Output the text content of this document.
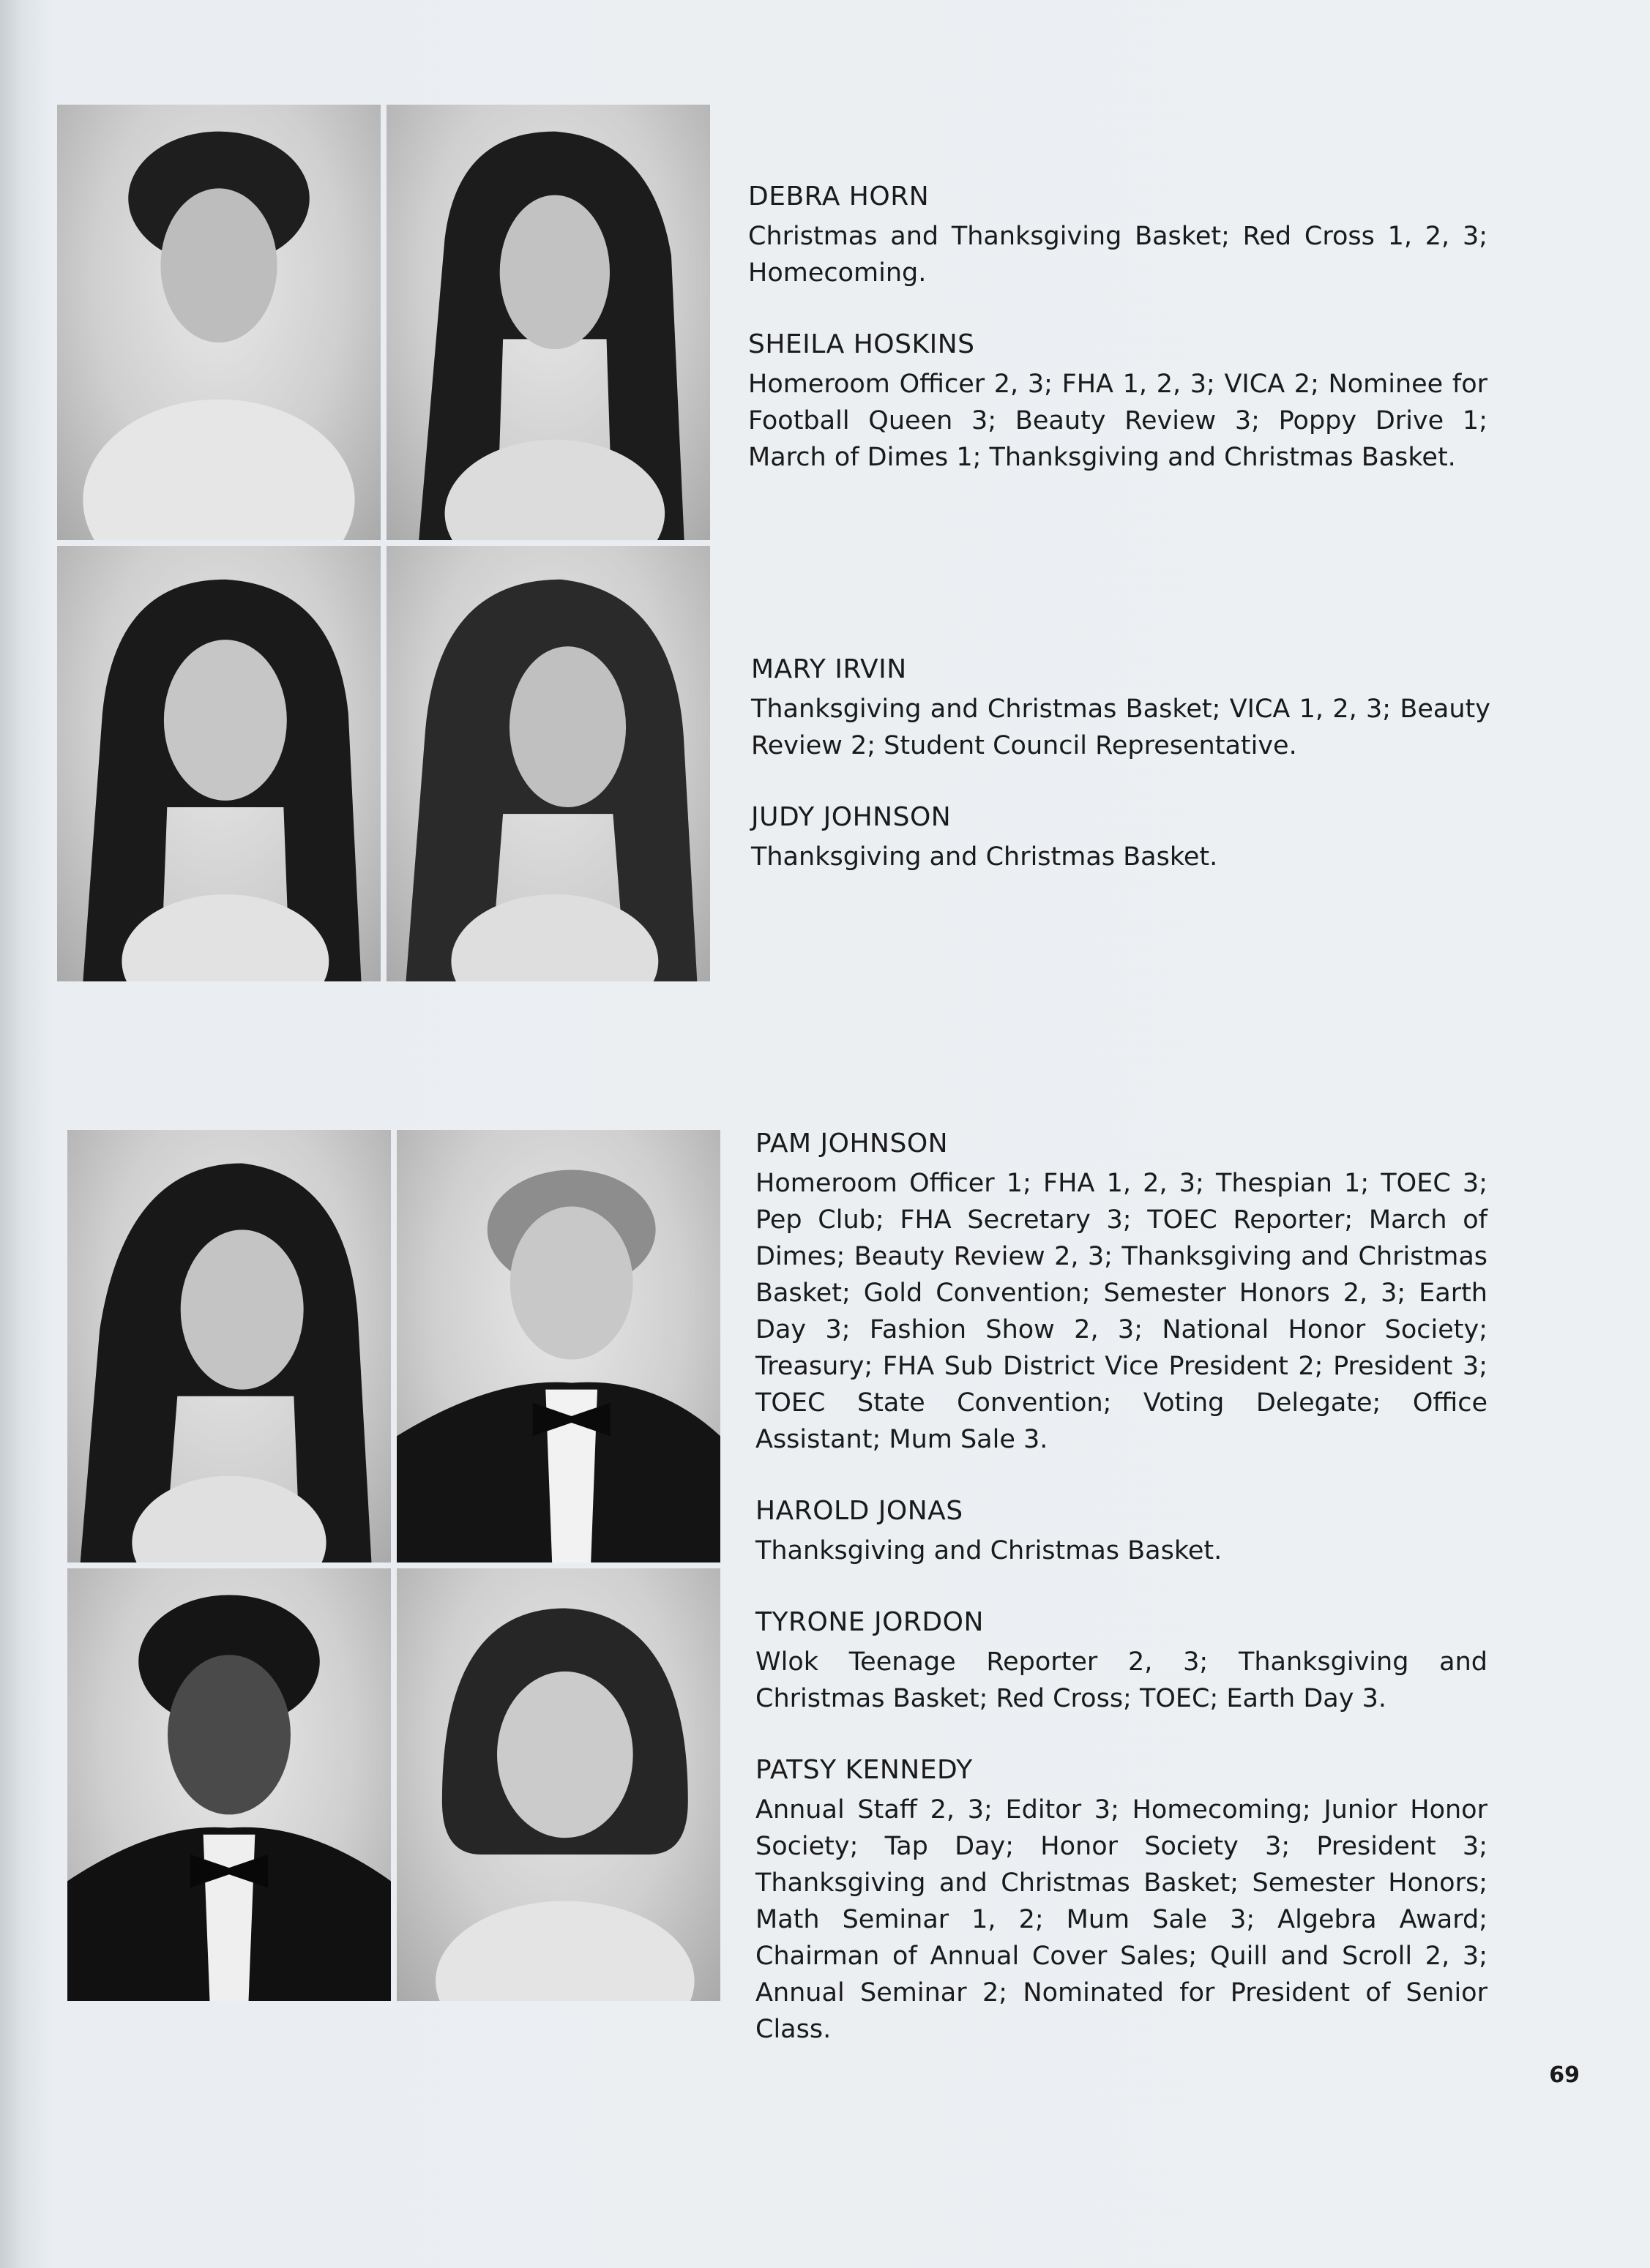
DEBRA HORN

Christmas and Thanksgiving Basket; Red Cross 1, 2, 3; Homecoming.

SHEILA HOSKINS

Homeroom Officer 2, 3; FHA 1, 2, 3; VICA 2; Nominee for Football Queen 3; Beauty Review 3; Poppy Drive 1; March of Dimes 1; Thanksgiving and Christmas Basket.

MARY IRVIN

Thanksgiving and Christmas Basket; VICA 1, 2, 3; Beauty Review 2; Student Council Representative.

JUDY JOHNSON

Thanksgiving and Christmas Basket.

PAM JOHNSON

Homeroom Officer 1; FHA 1, 2, 3; Thespian 1; TOEC 3; Pep Club; FHA Secretary 3; TOEC Reporter; March of Dimes; Beauty Review 2, 3; Thanksgiving and Christmas Basket; Gold Convention; Semester Honors 2, 3; Earth Day 3; Fashion Show 2, 3; National Honor Society; Treasury; FHA Sub District Vice President 2; President 3; TOEC State Convention; Voting Delegate; Office Assistant; Mum Sale 3.

HAROLD JONAS

Thanksgiving and Christmas Basket.

TYRONE JORDON

Wlok Teenage Reporter 2, 3; Thanksgiving and Christmas Basket; Red Cross; TOEC; Earth Day 3.

PATSY KENNEDY

Annual Staff 2, 3; Editor 3; Homecoming; Junior Honor Society; Tap Day; Honor Society 3; President 3; Thanksgiving and Christmas Basket; Semester Honors; Math Seminar 1, 2; Mum Sale 3; Algebra Award; Chairman of Annual Cover Sales; Quill and Scroll 2, 3; Annual Seminar 2; Nominated for President of Senior Class.

69
